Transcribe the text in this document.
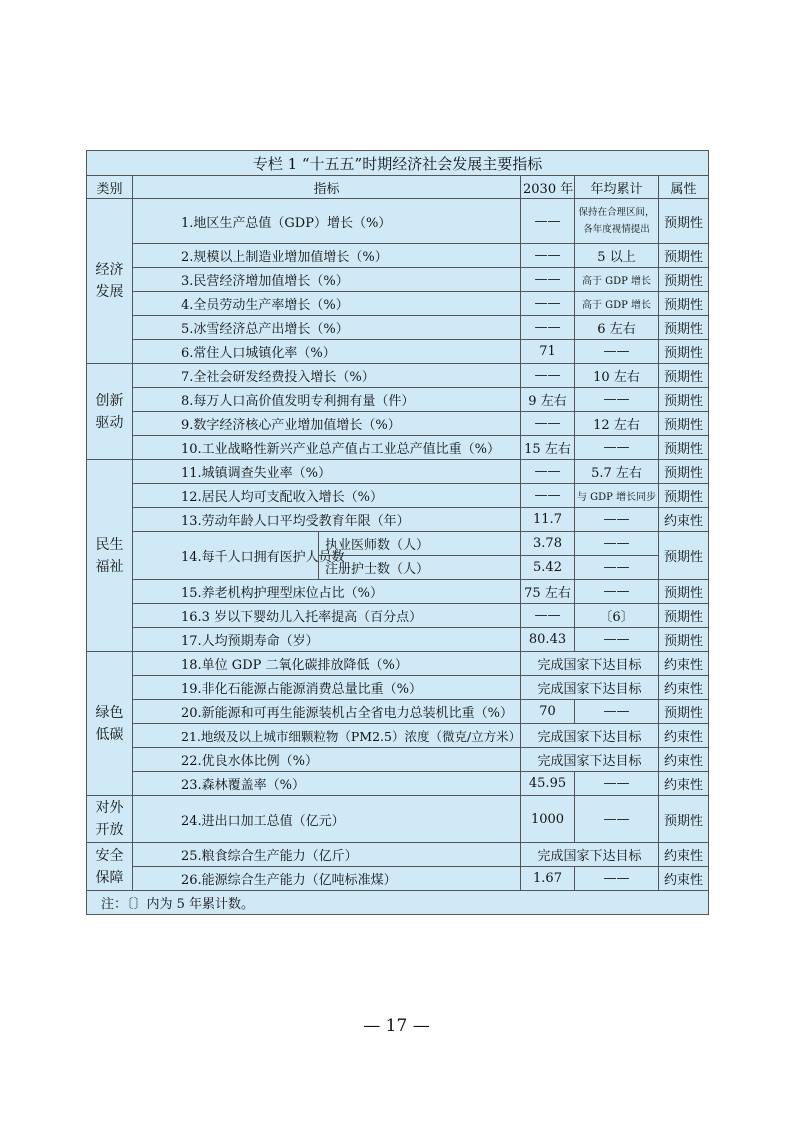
专栏 1 “十五五”时期经济社会发展主要指标					
类别	指标		2030 年	年均累计	属性
经济发展	1.地区生产总值（GDP）增长（%）		——	保持在合理区间，各年度视情提出	预期性
	2.规模以上制造业增加值增长（%）		——	5 以上	预期性
	3.民营经济增加值增长（%）		——	高于 GDP 增长	预期性
	4.全员劳动生产率增长（%）		——	高于 GDP 增长	预期性
	5.冰雪经济总产出增长（%）		——	6 左右	预期性
	6.常住人口城镇化率（%）		71	——	预期性
创新驱动	7.全社会研发经费投入增长（%）		——	10 左右	预期性
	8.每万人口高价值发明专利拥有量（件）		9 左右	——	预期性
	9.数字经济核心产业增加值增长（%）		——	12 左右	预期性
	10.工业战略性新兴产业总产值占工业总产值比重（%）		15 左右	——	预期性
民生福祉	11.城镇调查失业率（%）		——	5.7 左右	预期性
	12.居民人均可支配收入增长（%）		——	与 GDP 增长同步	预期性
	13.劳动年龄人口平均受教育年限（年）		11.7	——	约束性
	14.每千人口拥有医护人员数	执业医师数（人）	3.78	——	预期性
		注册护士数（人）	5.42	——	
	15.养老机构护理型床位占比（%）		75 左右	——	预期性
	16.3 岁以下婴幼儿入托率提高（百分点）		——	〔6〕	预期性
	17.人均预期寿命（岁）		80.43	——	预期性
绿色低碳	18.单位 GDP 二氧化碳排放降低（%）		完成国家下达目标		约束性
	19.非化石能源占能源消费总量比重（%）		完成国家下达目标		约束性
	20.新能源和可再生能源装机占全省电力总装机比重（%）		70	——	预期性
	21.地级及以上城市细颗粒物（PM2.5）浓度（微克/立方米）		完成国家下达目标		约束性
	22.优良水体比例（%）		完成国家下达目标		约束性
	23.森林覆盖率（%）		45.95	——	约束性
对外开放	24.进出口加工总值（亿元）		1000	——	预期性
安全保障	25.粮食综合生产能力（亿斤）		完成国家下达目标		约束性
	26.能源综合生产能力（亿吨标准煤）		1.67	——	约束性
注：〔〕内为 5 年累计数。					
— 17 —
